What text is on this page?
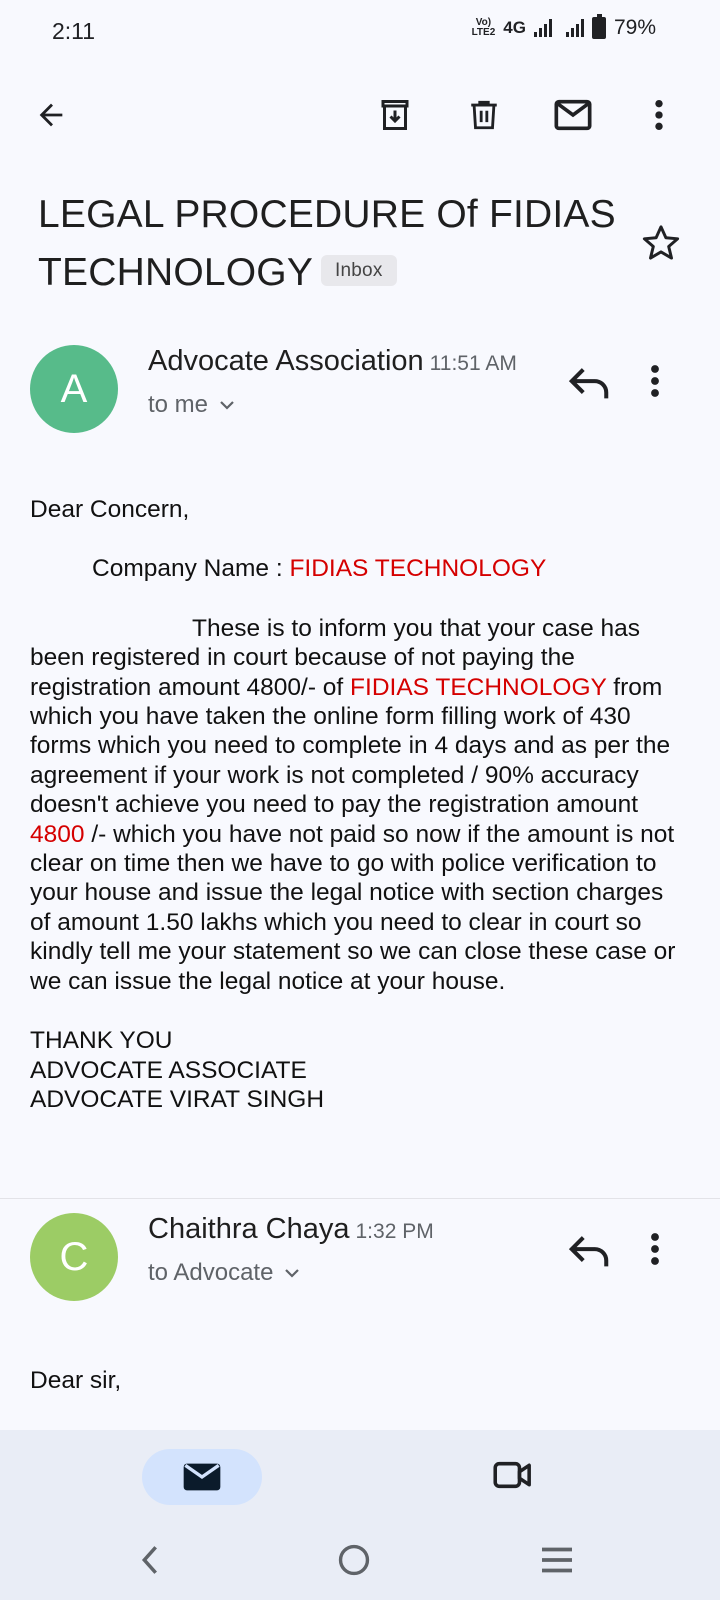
2:11	Vo)
LTE2 4G	79%
LEGAL PROCEDURE Of FIDIAS
TECHNOLOGY Inbox
A
Advocate Association 11:51 AM
to me

Dear Concern,

Company Name : FIDIAS TECHNOLOGY

These is to inform you that your case has been registered in court because of not paying the registration amount 4800/- of FIDIAS TECHNOLOGY from which you have taken the online form filling work of 430 forms which you need to complete in 4 days and as per the agreement if your work is not completed / 90% accuracy doesn't achieve you need to pay the registration amount 4800 /- which you have not paid so now if the amount is not clear on time then we have to go with police verification to your house and issue the legal notice with section charges of amount 1.50 lakhs which you need to clear in court so kindly tell me your statement so we can close these case or we can issue the legal notice at your house.

THANK YOU

ADVOCATE ASSOCIATE

ADVOCATE VIRAT SINGH

C
Chaithra Chaya 1:32 PM
to Advocate
Dear sir,
